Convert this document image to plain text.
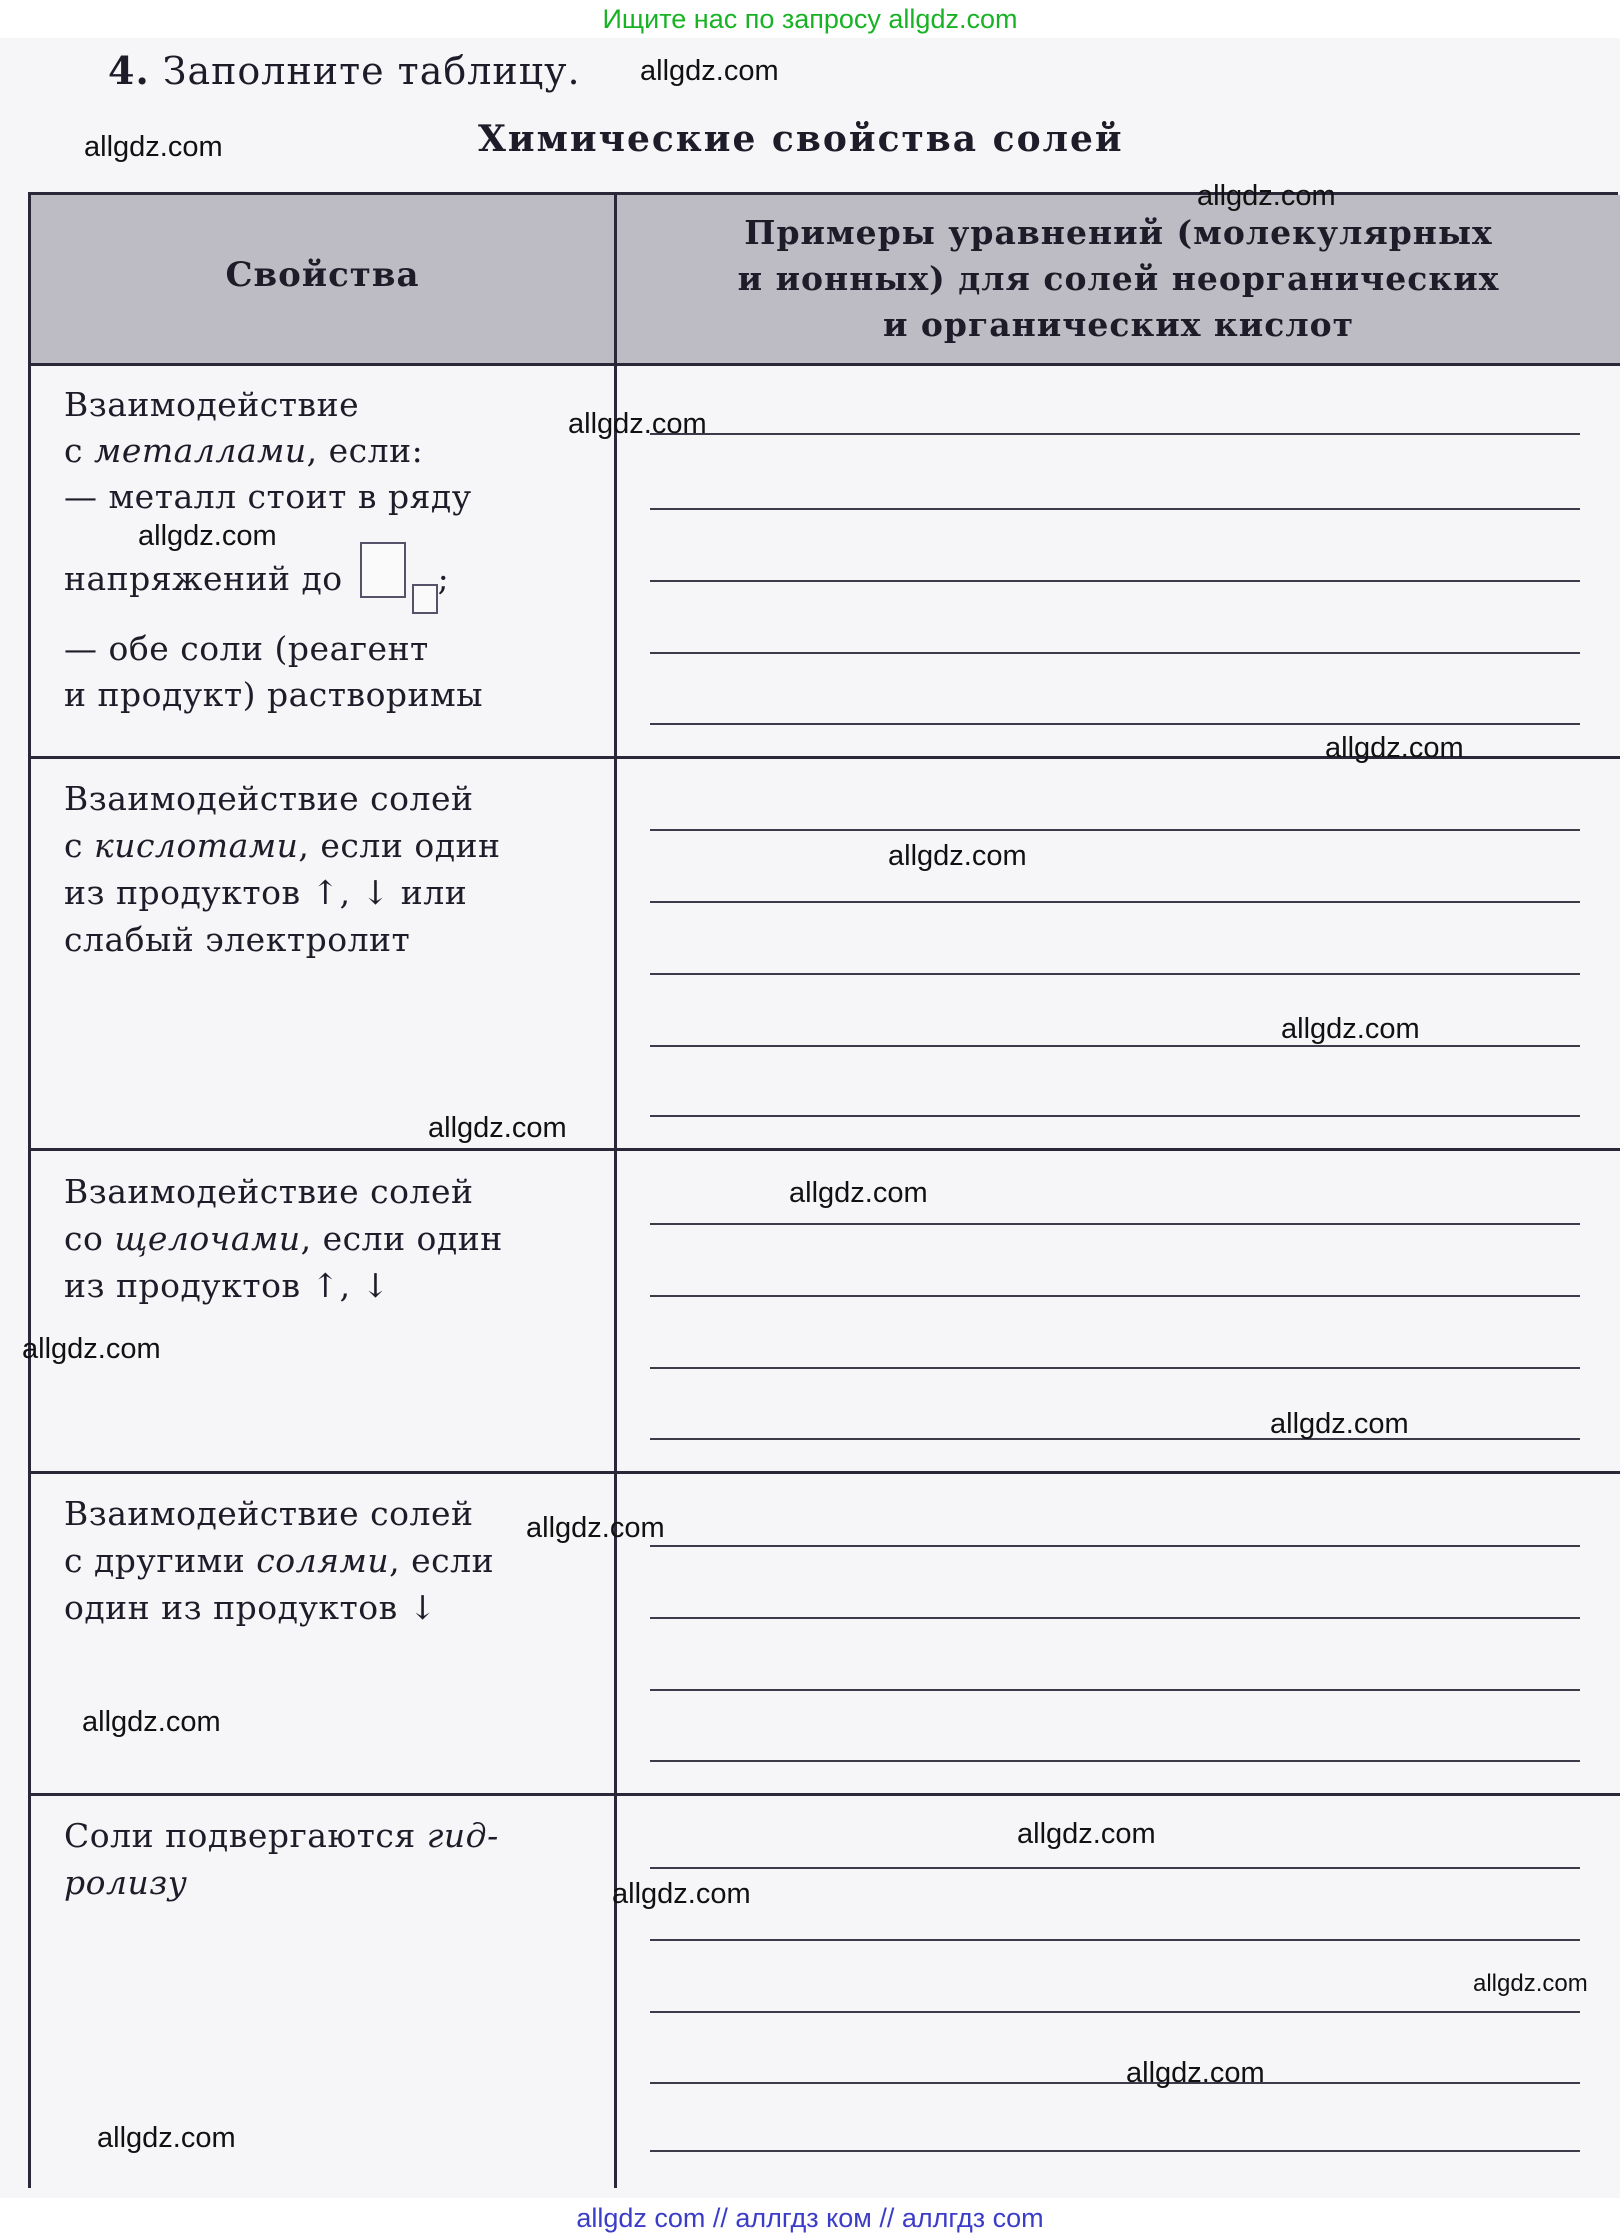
Ищите нас по запросу allgdz.com
4. Заполните таблицу.
Химические свойства солей
Свойства
Примеры уравнений (молекулярных
и ионных) для солей неорганических
и органических кислот
Взаимодействие
с металлами, если:
— металл стоит в ряду
напряжений до	;
— обе соли (реагент
и продукт) растворимы
Взаимодействие солей
с кислотами, если один
из продуктов ↑, ↓ или
слабый электролит
Взаимодействие солей
со щелочами, если один
из продуктов ↑, ↓
Взаимодействие солей
с другими солями, если
один из продуктов ↓
Соли подвергаются гид-
ролизу
allgdz.com
allgdz.com
allgdz.com
allgdz.com
allgdz.com
allgdz.com
allgdz.com
allgdz.com
allgdz.com
allgdz.com
allgdz.com
allgdz.com
allgdz.com
allgdz.com
allgdz.com
allgdz.com
allgdz.com
allgdz.com
allgdz.com
allgdz com // аллгдз ком // аллгдз com
